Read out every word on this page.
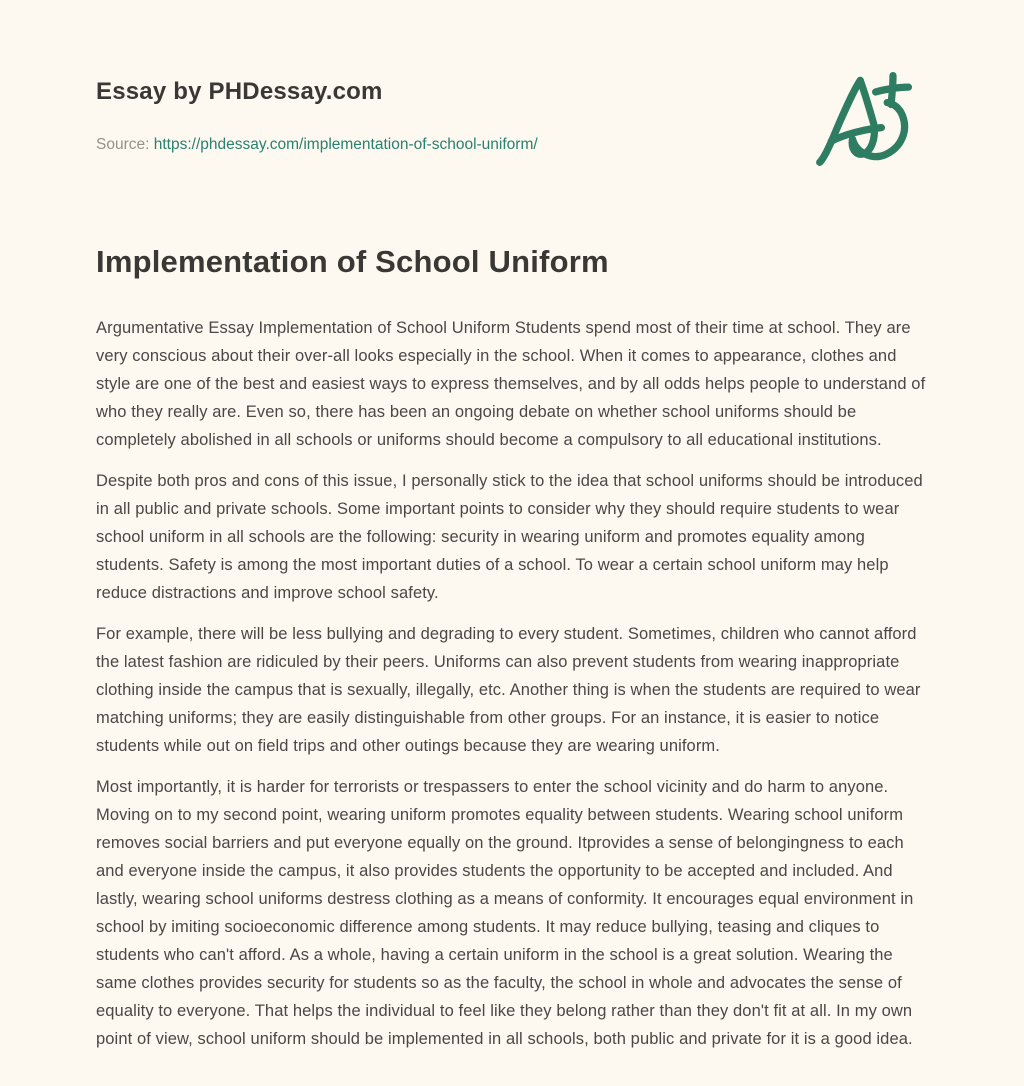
Essay by PHDessay.com
Source: https://phdessay.com/implementation-of-school-uniform/
Implementation of School Uniform

Argumentative Essay Implementation of School Uniform Students spend most of their time at school. They are very conscious about their over-all looks especially in the school. When it comes to appearance, clothes and style are one of the best and easiest ways to express themselves, and by all odds helps people to understand of who they really are. Even so, there has been an ongoing debate on whether school uniforms should be completely abolished in all schools or uniforms should become a compulsory to all educational institutions.

Despite both pros and cons of this issue, I personally stick to the idea that school uniforms should be introduced in all public and private schools. Some important points to consider why they should require students to wear school uniform in all schools are the following: security in wearing uniform and promotes equality among students. Safety is among the most important duties of a school. To wear a certain school uniform may help reduce distractions and improve school safety.

For example, there will be less bullying and degrading to every student. Sometimes, children who cannot afford the latest fashion are ridiculed by their peers. Uniforms can also prevent students from wearing inappropriate clothing inside the campus that is sexually, illegally, etc. Another thing is when the students are required to wear matching uniforms; they are easily distinguishable from other groups. For an instance, it is easier to notice students while out on field trips and other outings because they are wearing uniform.

Most importantly, it is harder for terrorists or trespassers to enter the school vicinity and do harm to anyone. Moving on to my second point, wearing uniform promotes equality between students. Wearing school uniform removes social barriers and put everyone equally on the ground. Itprovides a sense of belongingness to each and everyone inside the campus, it also provides students the opportunity to be accepted and included. And lastly, wearing school uniforms destress clothing as a means of conformity. It encourages equal environment in school by imiting socioeconomic difference among students. It may reduce bullying, teasing and cliques to students who can't afford. As a whole, having a certain uniform in the school is a great solution. Wearing the same clothes provides security for students so as the faculty, the school in whole and advocates the sense of equality to everyone. That helps the individual to feel like they belong rather than they don't fit at all. In my own point of view, school uniform should be implemented in all schools, both public and private for it is a good idea.
